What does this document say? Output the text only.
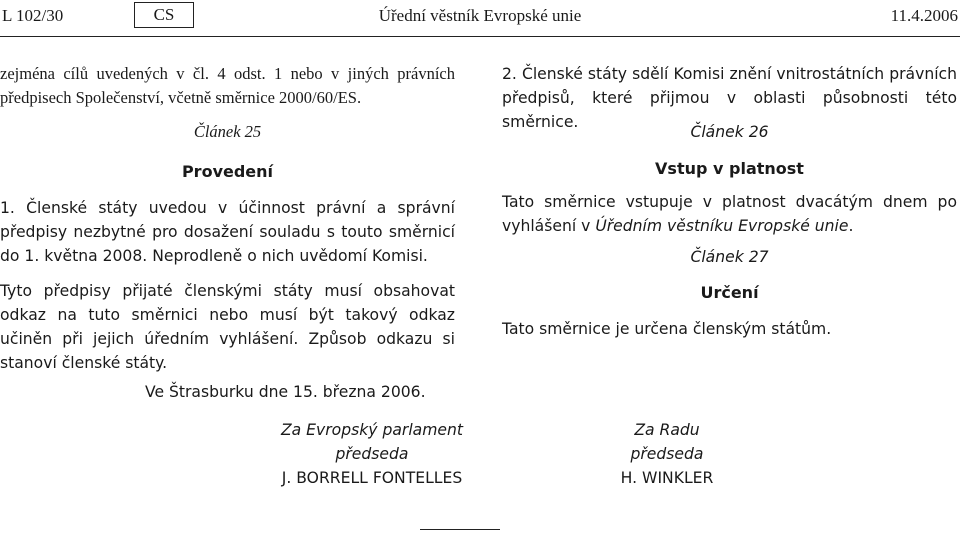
Úřední věstník Evropské unie
L 102/30	CS	11.4.2006

zejména cílů uvedených v čl. 4 odst. 1 nebo v jiných právních předpisech Společenství, včetně směrnice 2000/60/ES.

Článek 25

Provedení

1. Členské státy uvedou v účinnost právní a správní předpisy nezbytné pro dosažení souladu s touto směrnicí do 1. května 2008. Neprodleně o nich uvědomí Komisi.

Tyto předpisy přijaté členskými státy musí obsahovat odkaz na tuto směrnici nebo musí být takový odkaz učiněn při jejich úředním vyhlášení. Způsob odkazu si stanoví členské státy.

2. Členské státy sdělí Komisi znění vnitrostátních právních předpisů, které přijmou v oblasti působnosti této směrnice.

Článek 26

Vstup v platnost

Tato směrnice vstupuje v platnost dvacátým dnem po vyhlášení v Úředním věstníku Evropské unie.

Článek 27

Určení

Tato směrnice je určena členským státům.

Ve Štrasburku dne 15. března 2006.

Za Evropský parlament
předseda
J. BORRELL FONTELLES
Za Radu
předseda
H. WINKLER
